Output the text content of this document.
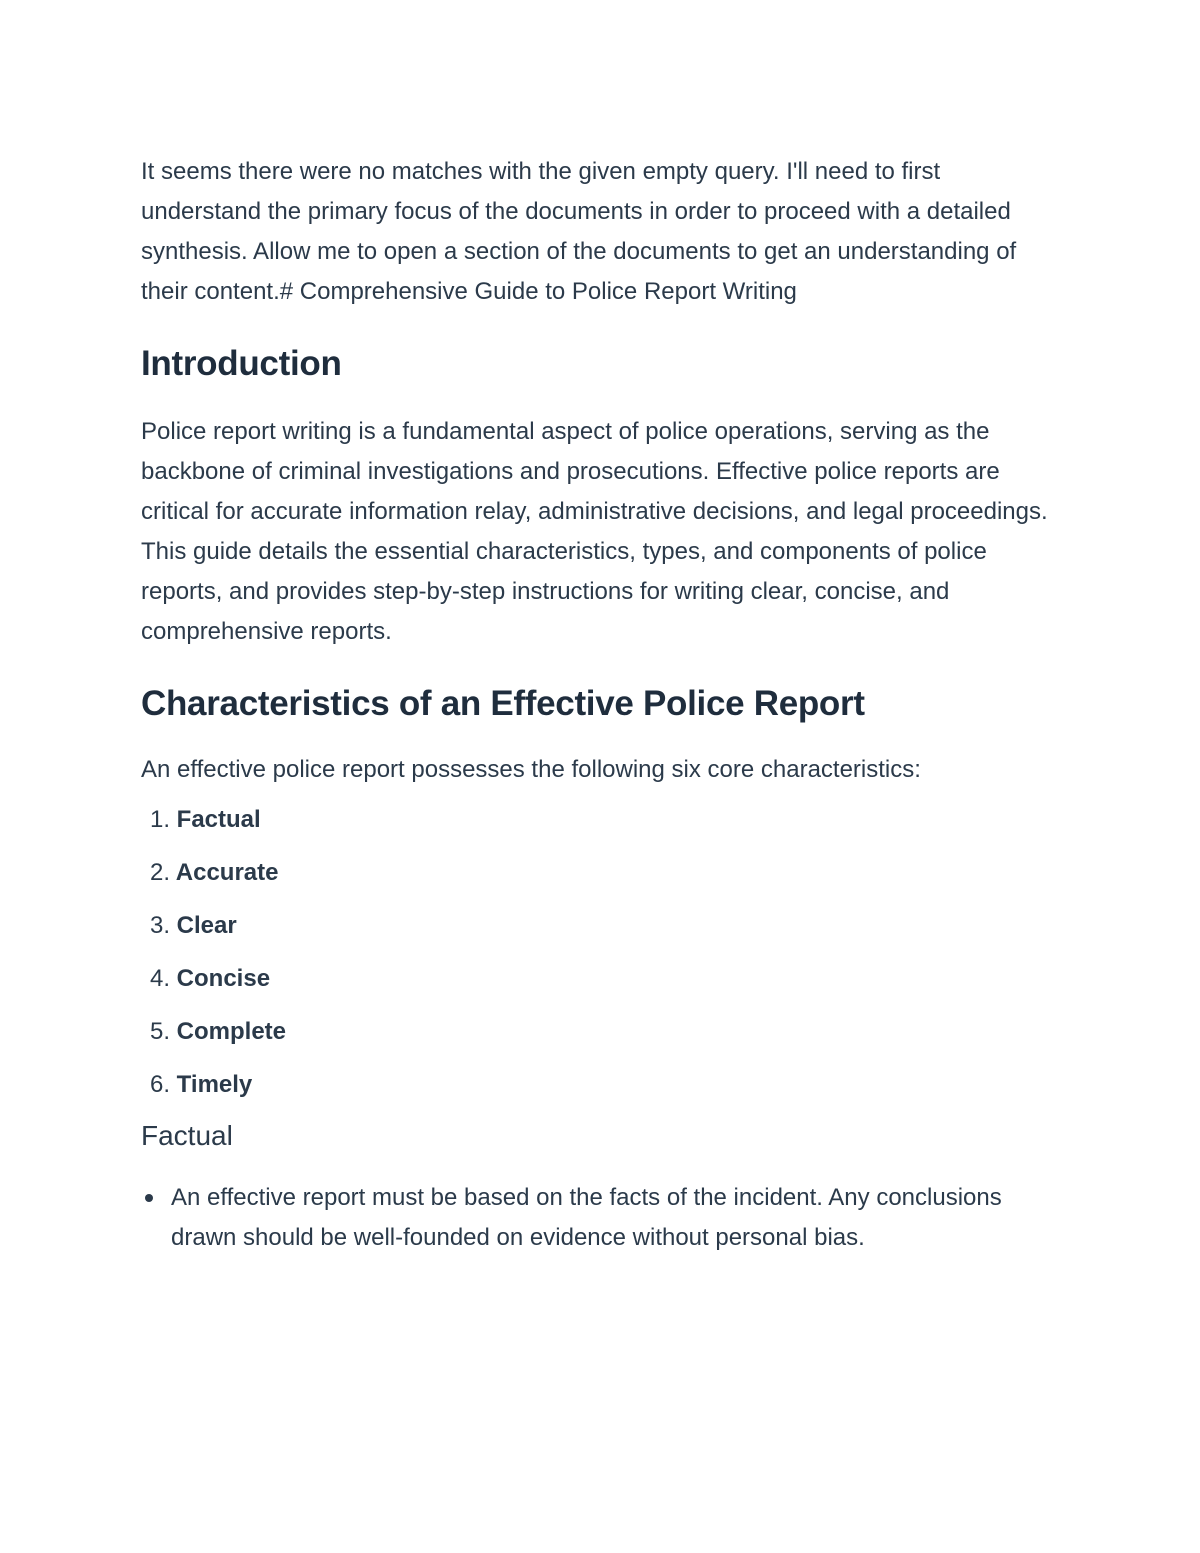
It seems there were no matches with the given empty query. I'll need to first understand the primary focus of the documents in order to proceed with a detailed synthesis. Allow me to open a section of the documents to get an understanding of their content.# Comprehensive Guide to Police Report Writing

Introduction

Police report writing is a fundamental aspect of police operations, serving as the backbone of criminal investigations and prosecutions. Effective police reports are critical for accurate information relay, administrative decisions, and legal proceedings. This guide details the essential characteristics, types, and components of police reports, and provides step-by-step instructions for writing clear, concise, and comprehensive reports.

Characteristics of an Effective Police Report

An effective police report possesses the following six core characteristics:

1. Factual
2. Accurate
3. Clear
4. Concise
5. Complete
6. Timely
Factual
An effective report must be based on the facts of the incident. Any conclusions drawn should be well-founded on evidence without personal bias.
